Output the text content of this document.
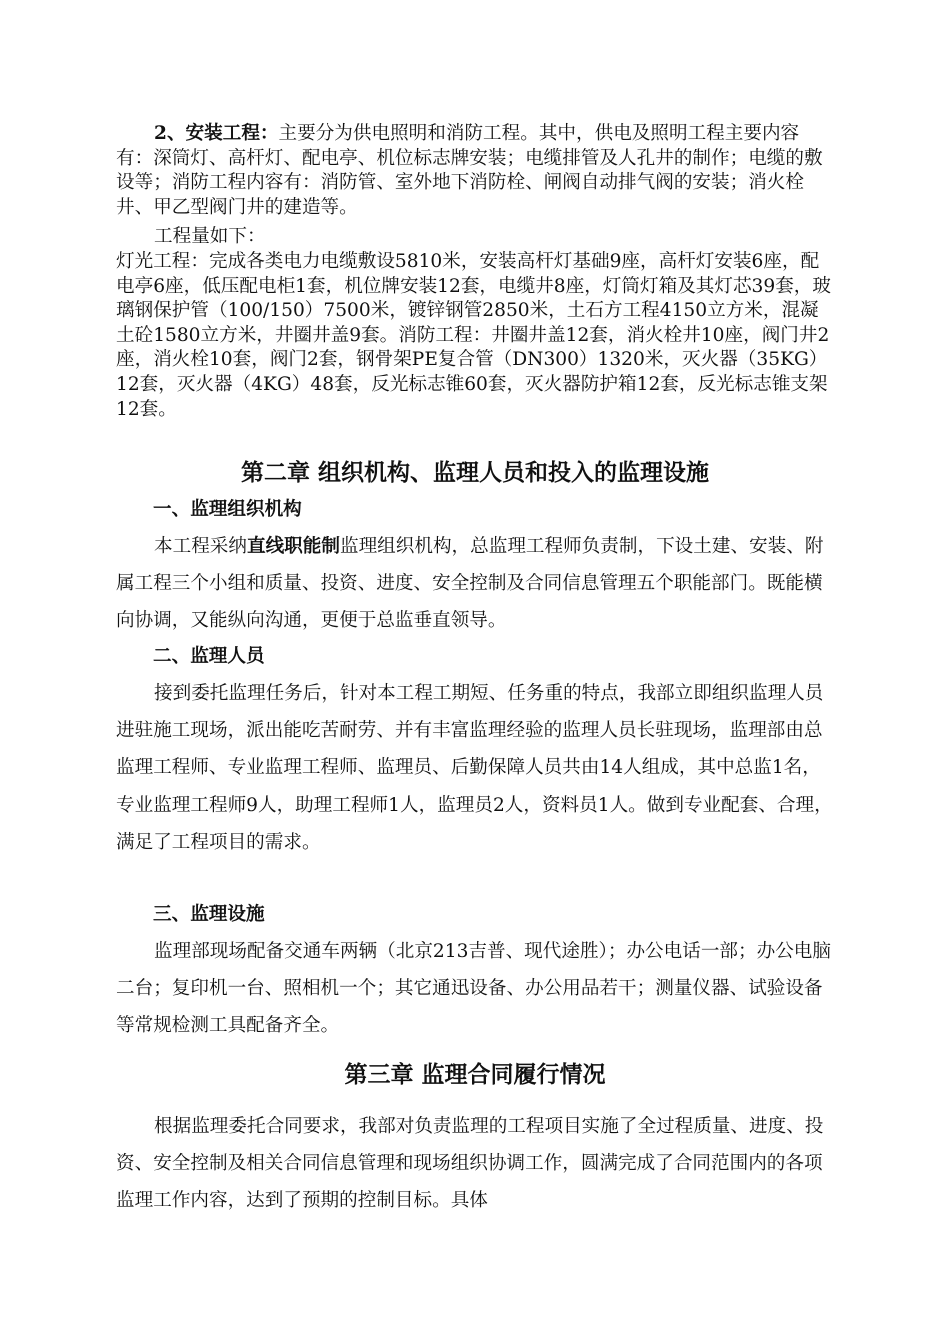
2、安装工程：主要分为供电照明和消防工程。其中，供电及照明工程主要内容有：深筒灯、高杆灯、配电亭、机位标志牌安装；电缆排管及人孔井的制作；电缆的敷设等；消防工程内容有：消防管、室外地下消防栓、闸阀自动排气阀的安装；消火栓井、甲乙型阀门井的建造等。

工程量如下：

灯光工程：完成各类电力电缆敷设5810米，安装高杆灯基础9座，高杆灯安装6座，配电亭6座，低压配电柜1套，机位牌安装12套，电缆井8座，灯筒灯箱及其灯芯39套，玻璃钢保护管（100/150）7500米，镀锌钢管2850米，土石方工程4150立方米，混凝土砼1580立方米，井圈井盖9套。消防工程：井圈井盖12套，消火栓井10座，阀门井2座，消火栓10套，阀门2套，钢骨架PE复合管（DN300）1320米，灭火器（35KG）12套，灭火器（4KG）48套，反光标志锥60套，灭火器防护箱12套，反光标志锥支架12套。

第二章 组织机构、监理人员和投入的监理设施
一、监理组织机构

本工程采纳直线职能制监理组织机构，总监理工程师负责制，下设土建、安装、附属工程三个小组和质量、投资、进度、安全控制及合同信息管理五个职能部门。既能横向协调，又能纵向沟通，更便于总监垂直领导。

二、监理人员

接到委托监理任务后，针对本工程工期短、任务重的特点，我部立即组织监理人员进驻施工现场，派出能吃苦耐劳、并有丰富监理经验的监理人员长驻现场，监理部由总监理工程师、专业监理工程师、监理员、后勤保障人员共由14人组成，其中总监1名，专业监理工程师9人，助理工程师1人，监理员2人，资料员1人。做到专业配套、合理，满足了工程项目的需求。

三、监理设施

监理部现场配备交通车两辆（北京213吉普、现代途胜）；办公电话一部；办公电脑二台；复印机一台、照相机一个；其它通迅设备、办公用品若干；测量仪器、试验设备等常规检测工具配备齐全。

第三章 监理合同履行情况

根据监理委托合同要求，我部对负责监理的工程项目实施了全过程质量、进度、投资、安全控制及相关合同信息管理和现场组织协调工作，圆满完成了合同范围内的各项监理工作内容，达到了预期的控制目标。具体
